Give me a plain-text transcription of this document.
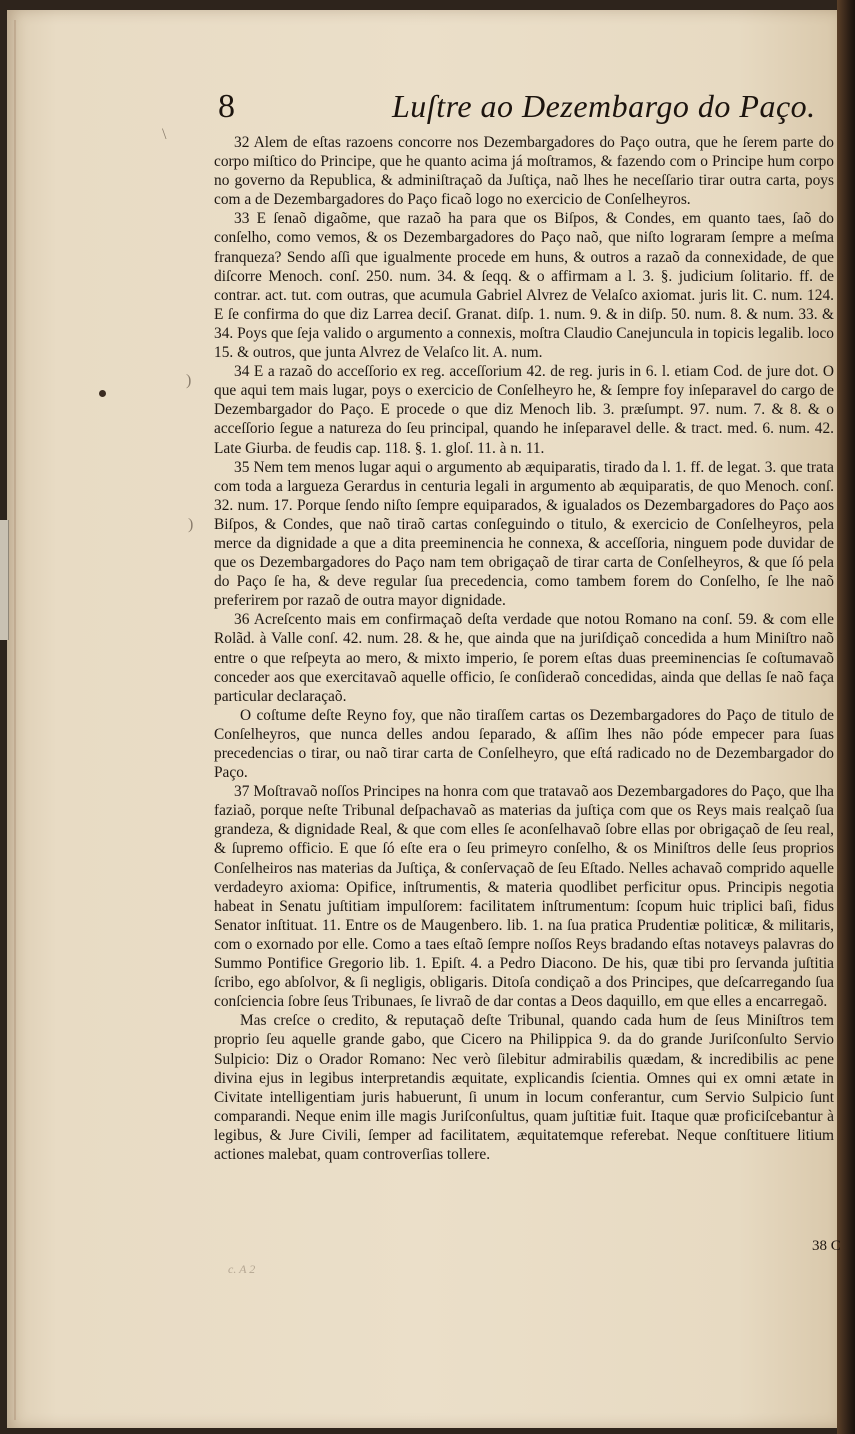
\
)
)
8	Luſtre ao Dezembargo do Paço.

32 Alem de eſtas razoens concorre nos Dezembargadores do Paço outra, que he ſerem parte do corpo miſtico do Principe, que he quanto acima já moſtramos, & fazendo com o Principe hum corpo no governo da Republica, & adminiſtraçaõ da Juſtiça, naõ lhes he neceſſario tirar outra carta, poys com a de Dezembargadores do Paço ficaõ logo no exercicio de Conſelheyros.

33 E ſenaõ digaõme, que razaõ ha para que os Biſpos, & Condes, em quanto taes, ſaõ do conſelho, como vemos, & os Dezembargadores do Paço naõ, que niſto lograram ſempre a meſma franqueza? Sendo aſſi que igualmente procede em huns, & outros a razaõ da connexidade, de que diſcorre Menoch. conſ. 250. num. 34. & ſeqq. & o affirmam a l. 3. §. judicium ſolitario. ff. de contrar. act. tut. com outras, que acumula Gabriel Alvrez de Velaſco axiomat. juris lit. C. num. 124. E ſe confirma do que diz Larrea deciſ. Granat. diſp. 1. num. 9. & in diſp. 50. num. 8. & num. 33. & 34. Poys que ſeja valido o argumento a connexis, moſtra Claudio Canejuncula in topicis legalib. loco 15. & outros, que junta Alvrez de Velaſco lit. A. num.

34 E a razaõ do acceſſorio ex reg. acceſſorium 42. de reg. juris in 6. l. etiam Cod. de jure dot. O que aqui tem mais lugar, poys o exercicio de Conſelheyro he, & ſempre foy inſeparavel do cargo de Dezembargador do Paço. E procede o que diz Menoch lib. 3. præſumpt. 97. num. 7. & 8. & o acceſſorio ſegue a natureza do ſeu principal, quando he inſeparavel delle. & tract. med. 6. num. 42. Late Giurba. de feudis cap. 118. §. 1. gloſ. 11. à n. 11.

35 Nem tem menos lugar aqui o argumento ab æquiparatis, tirado da l. 1. ff. de legat. 3. que trata com toda a largueza Gerardus in centuria legali in argumento ab æquiparatis, de quo Menoch. conſ. 32. num. 17. Porque ſendo niſto ſempre equiparados, & igualados os Dezembargadores do Paço aos Biſpos, & Condes, que naõ tiraõ cartas conſeguindo o titulo, & exercicio de Conſelheyros, pela merce da dignidade a que a dita preeminencia he connexa, & acceſſoria, ninguem pode duvidar de que os Dezembargadores do Paço nam tem obrigaçaõ de tirar carta de Conſelheyros, & que ſó pela do Paço ſe ha, & deve regular ſua precedencia, como tambem forem do Conſelho, ſe lhe naõ preferirem por razaõ de outra mayor dignidade.

36 Acreſcento mais em confirmaçaõ deſta verdade que notou Romano na conſ. 59. & com elle Rolãd. à Valle conſ. 42. num. 28. & he, que ainda que na juriſdiçaõ concedida a hum Miniſtro naõ entre o que reſpeyta ao mero, & mixto imperio, ſe porem eſtas duas preeminencias ſe coſtumavaõ conceder aos que exercitavaõ aquelle officio, ſe conſideraõ concedidas, ainda que dellas ſe naõ faça particular declaraçaõ.

O coſtume deſte Reyno foy, que não tiraſſem cartas os Dezembargadores do Paço de titulo de Conſelheyros, que nunca delles andou ſeparado, & aſſim lhes não póde empecer para ſuas precedencias o tirar, ou naõ tirar carta de Conſelheyro, que eſtá radicado no de Dezembargador do Paço.

37 Moſtravaõ noſſos Principes na honra com que tratavaõ aos Dezembargadores do Paço, que lha faziaõ, porque neſte Tribunal deſpachavaõ as materias da juſtiça com que os Reys mais realçaõ ſua grandeza, & dignidade Real, & que com elles ſe aconſelhavaõ ſobre ellas por obrigaçaõ de ſeu real, & ſupremo officio. E que ſó eſte era o ſeu primeyro conſelho, & os Miniſtros delle ſeus proprios Conſelheiros nas materias da Juſtiça, & conſervaçaõ de ſeu Eſtado. Nelles achavaõ comprido aquelle verdadeyro axioma: Opifice, inſtrumentis, & materia quodlibet perficitur opus. Principis negotia habeat in Senatu juſtitiam impulſorem: facilitatem inſtrumentum: ſcopum huic triplici baſi, fidus Senator inſtituat. 11. Entre os de Maugenbero. lib. 1. na ſua pratica Prudentiæ politicæ, & militaris, com o exornado por elle. Como a taes eſtaõ ſempre noſſos Reys bradando eſtas notaveys palavras do Summo Pontifice Gregorio lib. 1. Epiſt. 4. a Pedro Diacono. De his, quæ tibi pro ſervanda juſtitia ſcribo, ego abſolvor, & ſi negligis, obligaris. Ditoſa condiçaõ a dos Principes, que deſcarregando ſua conſciencia ſobre ſeus Tribunaes, ſe livraõ de dar contas a Deos daquillo, em que elles a encarregaõ.

Mas creſce o credito, & reputaçaõ deſte Tribunal, quando cada hum de ſeus Miniſtros tem proprio ſeu aquelle grande gabo, que Cicero na Philippica 9. da do grande Juriſconſulto Servio Sulpicio: Diz o Orador Romano: Nec verò ſilebitur admirabilis quædam, & incredibilis ac pene divina ejus in legibus interpretandis æquitate, explicandis ſcientia. Omnes qui ex omni ætate in Civitate intelligentiam juris habuerunt, ſi unum in locum conferantur, cum Servio Sulpicio ſunt comparandi. Neque enim ille magis Juriſconſultus, quam juſtitiæ fuit. Itaque quæ proficiſcebantur à legibus, & Jure Civili, ſemper ad facilitatem, æquitatemque referebat. Neque conſtituere litium actiones malebat, quam controverſias tollere.

c. A 2
38 C
